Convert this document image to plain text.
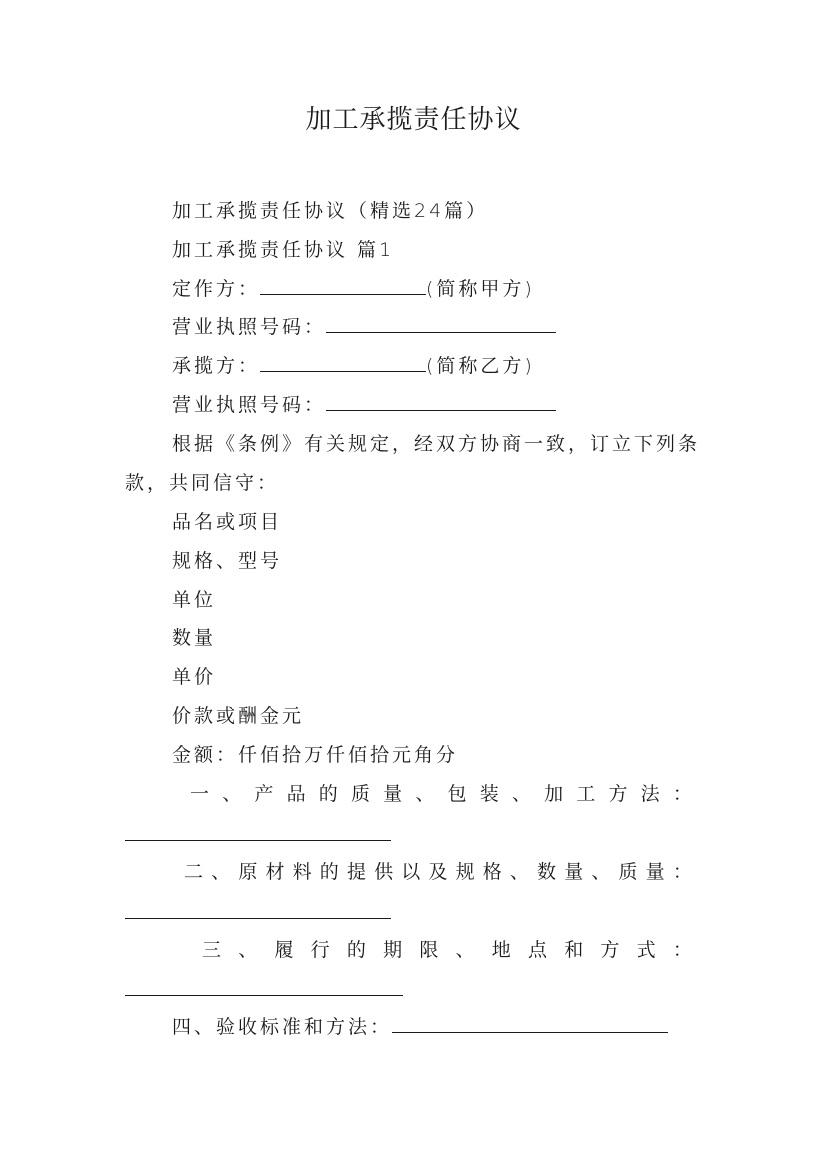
加工承揽责任协议
加工承揽责任协议（精选24篇）
加工承揽责任协议 篇1
定作方：	(简称甲方)
营业执照号码：
承揽方：	(简称乙方)
营业执照号码：
根据《条例》有关规定，经双方协商一致，订立下列条
款，共同信守：
品名或项目
规格、型号
单位
数量
单价
价款或酬金元
金额：仟佰拾万仟佰拾元角分
一 、 产 品 的 质 量 、 包 装 、 加 工 方 法 ：
二 、 原 材 料 的 提 供 以 及 规 格 、 数 量 、 质 量 ：
三 、 履 行 的 期 限 、 地 点 和 方 式 ：
四、验收标准和方法：
